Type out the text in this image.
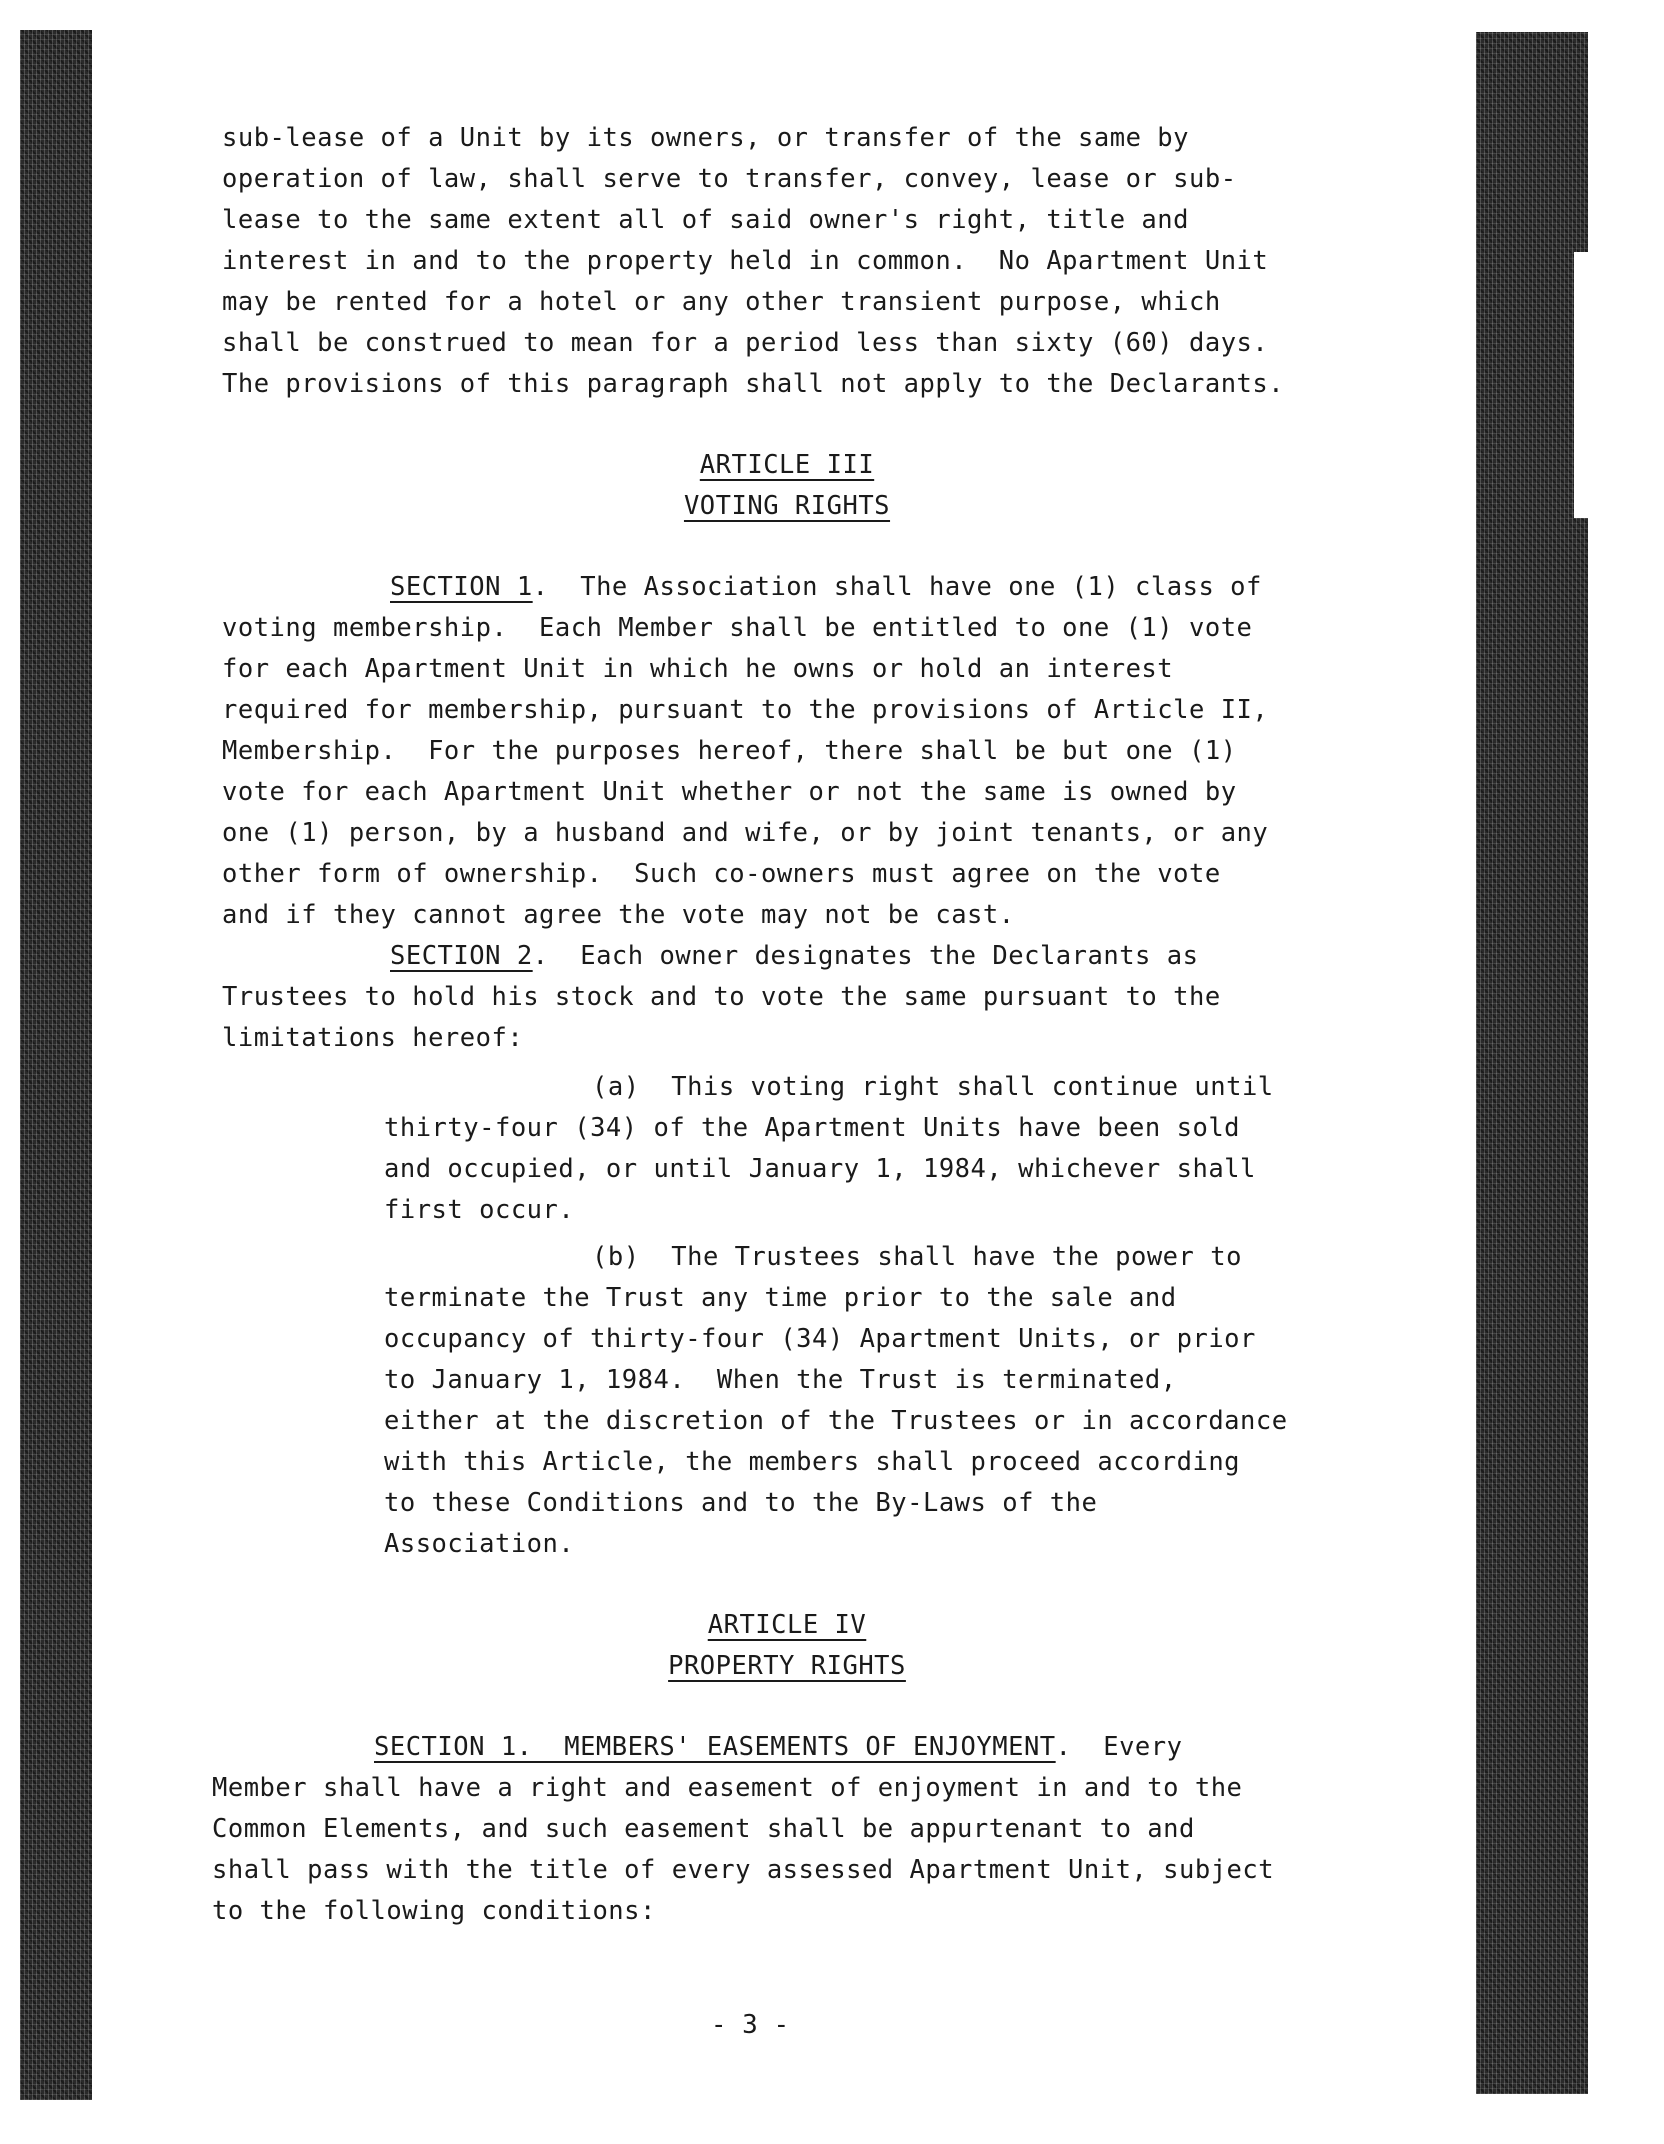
sub-lease of a Unit by its owners, or transfer of the same by
operation of law, shall serve to transfer, convey, lease or sub-
lease to the same extent all of said owner's right, title and
interest in and to the property held in common.  No Apartment Unit
may be rented for a hotel or any other transient purpose, which
shall be construed to mean for a period less than sixty (60) days.
The provisions of this paragraph shall not apply to the Declarants.
ARTICLE III
VOTING RIGHTS
SECTION 1.  The Association shall have one (1) class of
voting membership.  Each Member shall be entitled to one (1) vote
for each Apartment Unit in which he owns or hold an interest
required for membership, pursuant to the provisions of Article II,
Membership.  For the purposes hereof, there shall be but one (1)
vote for each Apartment Unit whether or not the same is owned by
one (1) person, by a husband and wife, or by joint tenants, or any
other form of ownership.  Such co-owners must agree on the vote
and if they cannot agree the vote may not be cast.
SECTION 2.  Each owner designates the Declarants as
Trustees to hold his stock and to vote the same pursuant to the
limitations hereof:
(a)  This voting right shall continue until
thirty-four (34) of the Apartment Units have been sold
and occupied, or until January 1, 1984, whichever shall
first occur.
(b)  The Trustees shall have the power to
terminate the Trust any time prior to the sale and
occupancy of thirty-four (34) Apartment Units, or prior
to January 1, 1984.  When the Trust is terminated,
either at the discretion of the Trustees or in accordance
with this Article, the members shall proceed according
to these Conditions and to the By-Laws of the
Association.
ARTICLE IV
PROPERTY RIGHTS
SECTION 1.  MEMBERS' EASEMENTS OF ENJOYMENT.  Every
Member shall have a right and easement of enjoyment in and to the
Common Elements, and such easement shall be appurtenant to and
shall pass with the title of every assessed Apartment Unit, subject
to the following conditions:
- 3 -
